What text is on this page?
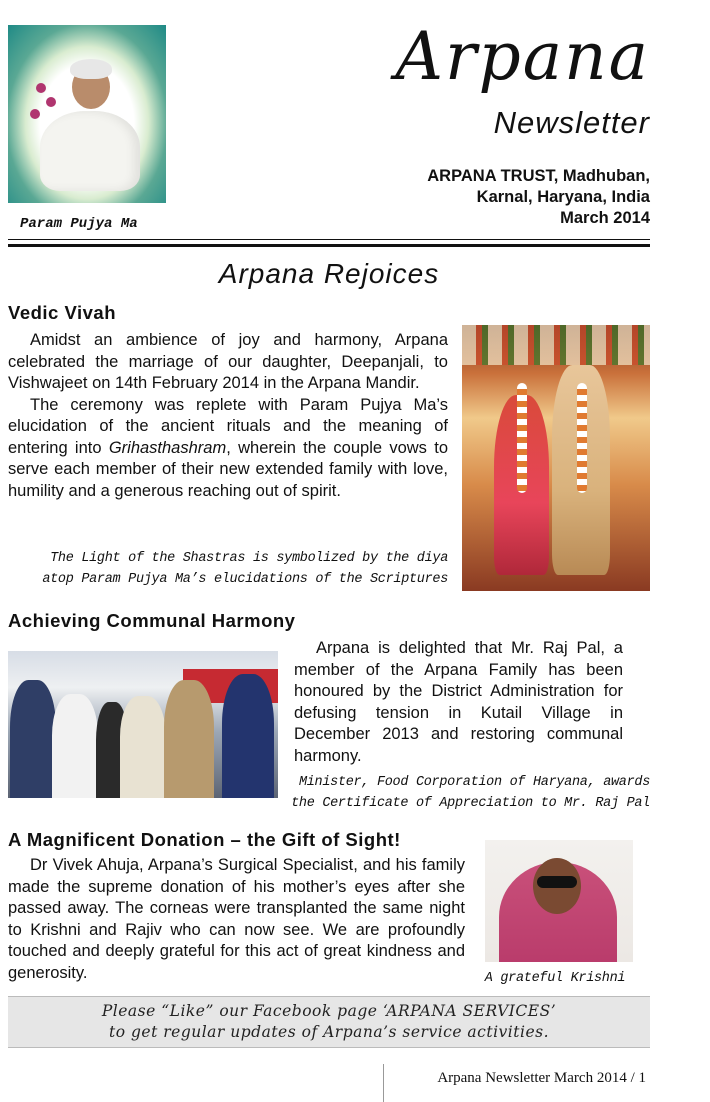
Param Pujya Ma
Arpana
Newsletter
ARPANA TRUST, Madhuban,
Karnal, Haryana, India
March 2014
Arpana Rejoices
Vedic Vivah

Amidst an ambience of joy and harmony, Arpana celebrated the marriage of our daughter, Deepanjali, to Vishwajeet on 14th February 2014 in the Arpana Mandir.

The ceremony was replete with Param Pujya Ma’s elucidation of the ancient rituals and the meaning of entering into Grihasthashram, wherein the couple vows to serve each member of their new extended family with love, humility and a generous reaching out of spirit.

The Light of the Shastras is symbolized by the diya
atop Param Pujya Ma’s elucidations of the Scriptures
Achieving Communal Harmony

Arpana is delighted that Mr. Raj Pal, a member of the Arpana Family has been honoured by the District Administration for defusing tension in Kutail Village in December 2013 and restoring communal harmony.

Minister, Food Corporation of Haryana, awards
the Certificate of Appreciation to Mr. Raj Pal
A Magnificent Donation – the Gift of Sight!

Dr Vivek Ahuja, Arpana’s Surgical Specialist, and his family made the supreme donation of his mother’s eyes after she passed away. The corneas were transplanted the same night to Krishni and Rajiv who can now see. We are profoundly touched and deeply grateful for this act of great kindness and generosity.	A grateful Krishni
Please “Like” our Facebook page ‘ARPANA SERVICES’
to get regular updates of Arpana’s service activities.
Arpana Newsletter March 2014 / 1
